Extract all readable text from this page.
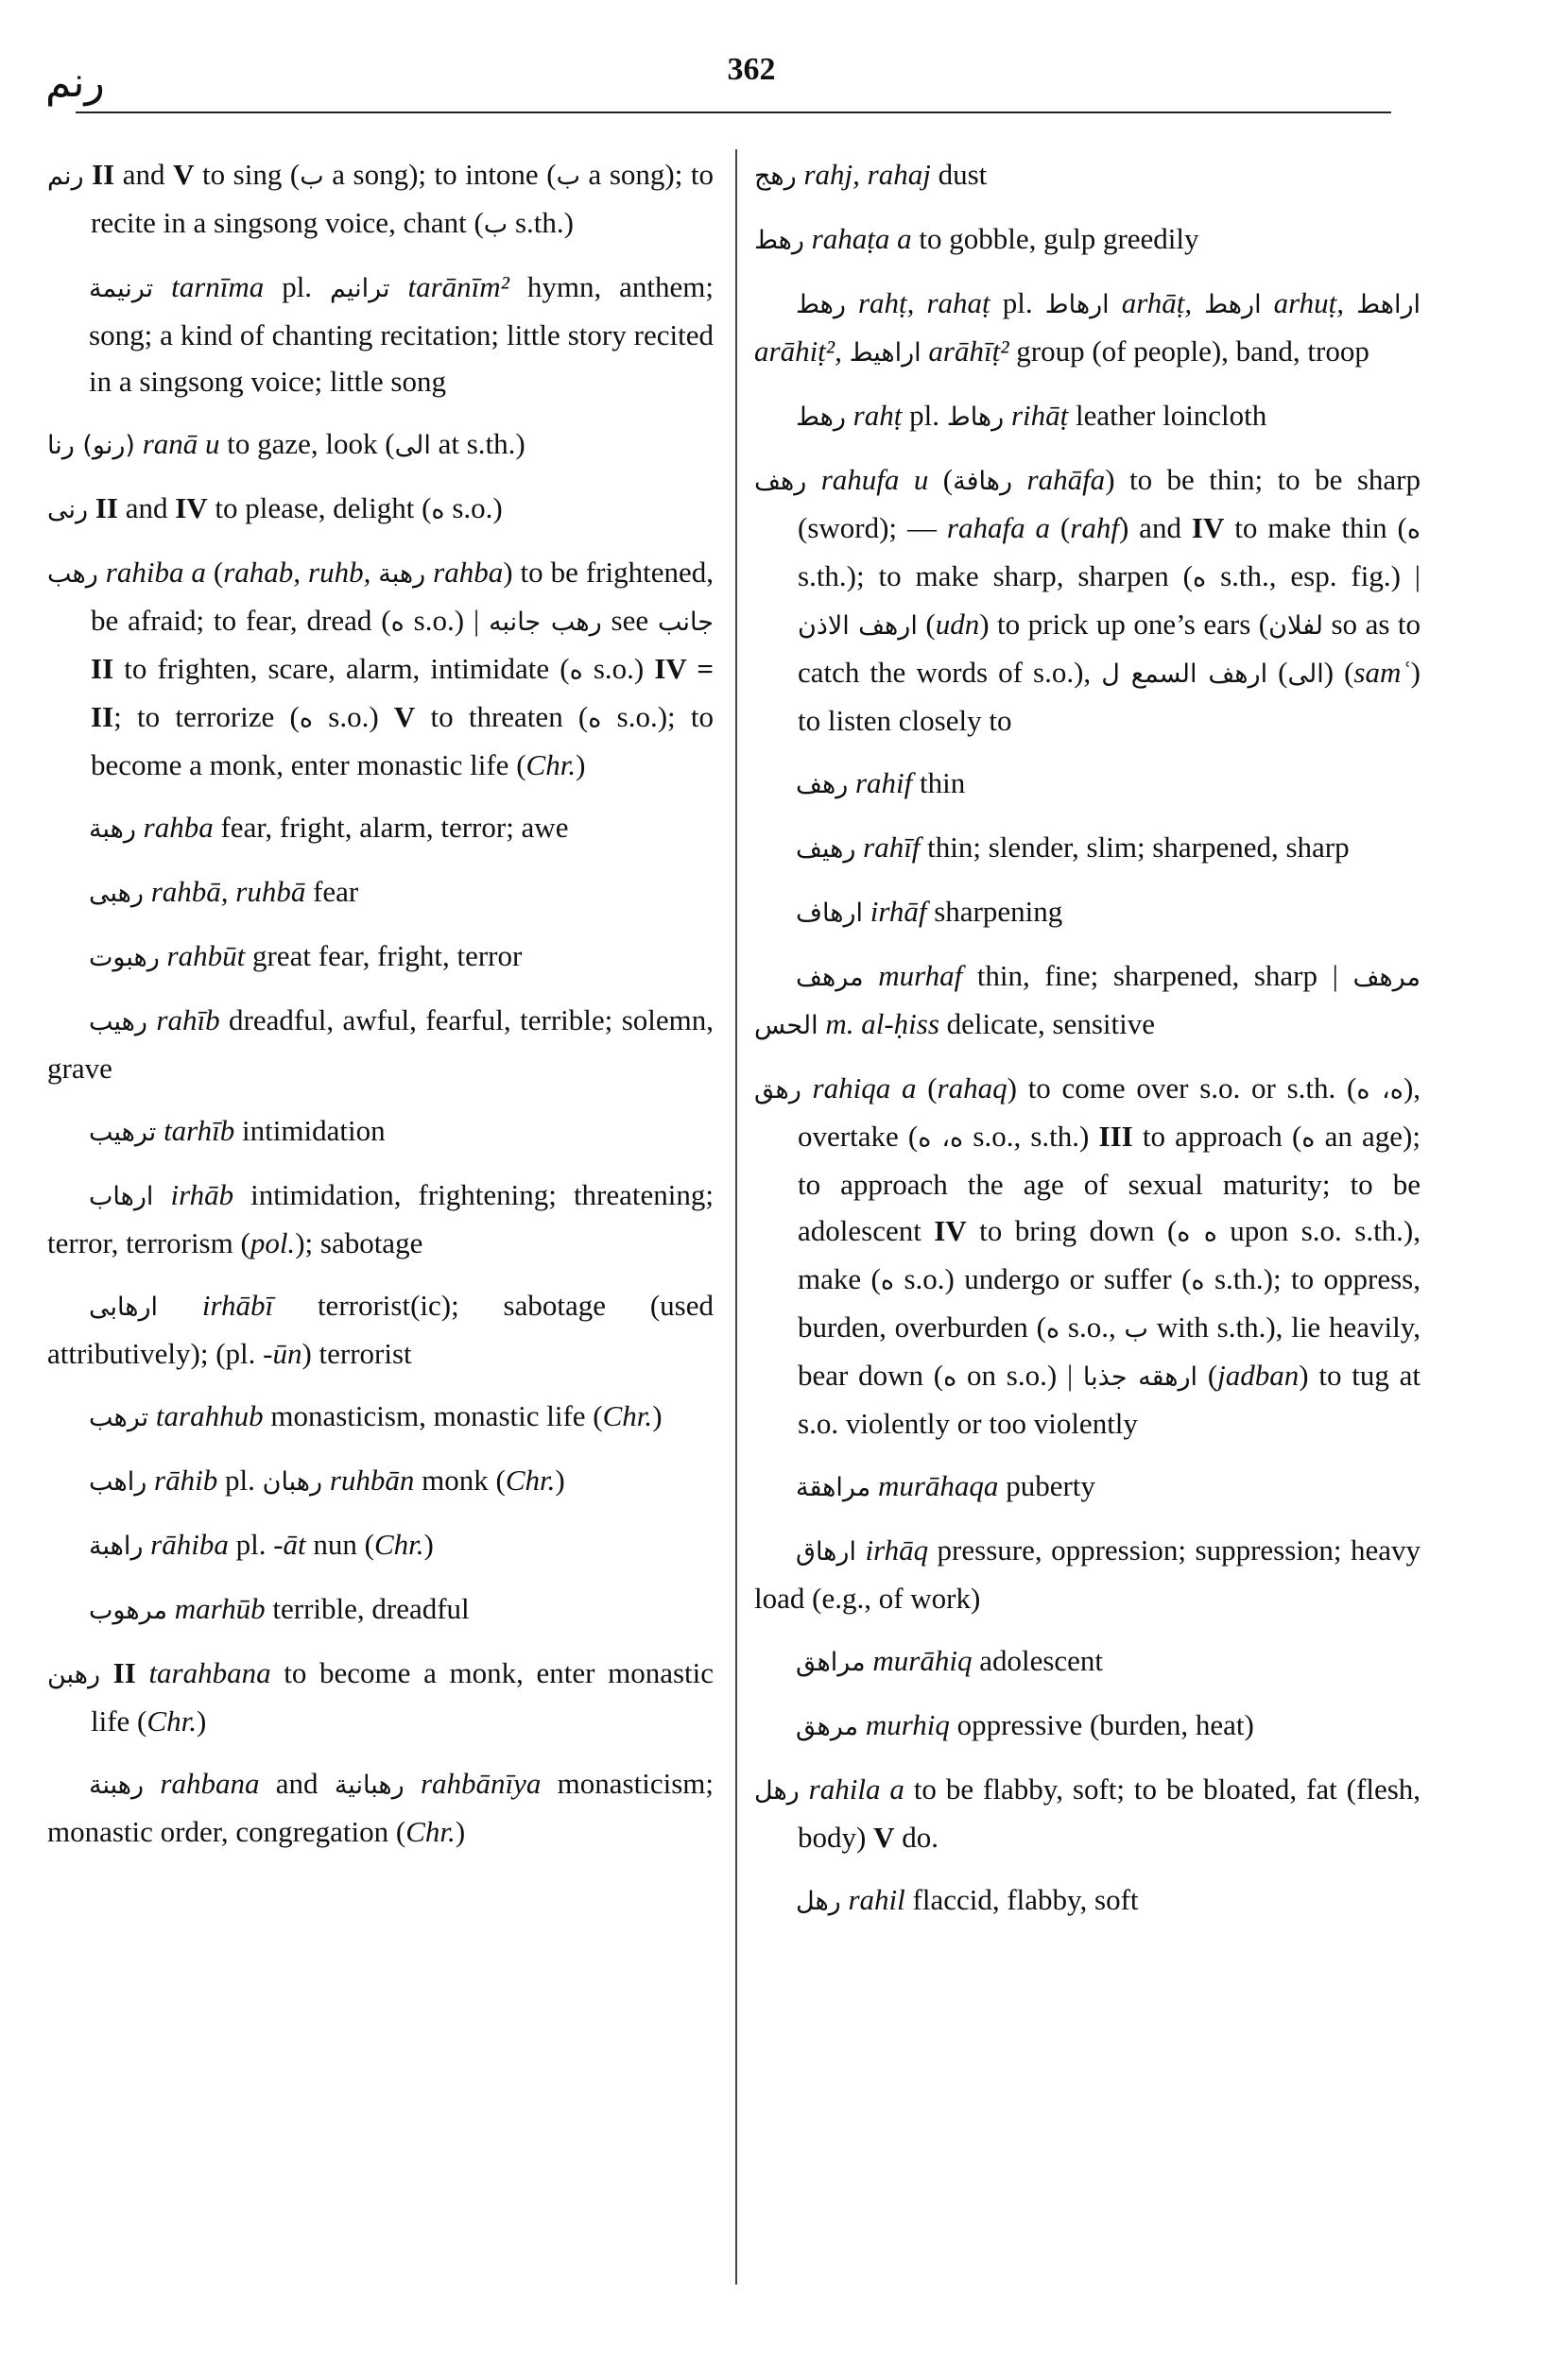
رنم	362

رنم II and V to sing (ب a song); to intone (ب a song); to recite in a singsong voice, chant (ب s.th.)

ترنيمة tarnīma pl. ترانيم tarānīm² hymn, anthem; song; a kind of chanting recitation; little story recited in a singsong voice; little song

(رنو) رنا ranā u to gaze, look (الى at s.th.)

رنى II and IV to please, delight (ه s.o.)

رهب rahiba a (rahab, ruhb, رهبة rahba) to be frightened, be afraid; to fear, dread (ه s.o.) | رهب جانبه see جانب II to frighten, scare, alarm, intimidate (ه s.o.) IV = II; to terrorize (ه s.o.) V to threaten (ه s.o.); to become a monk, enter monastic life (Chr.)

رهبة rahba fear, fright, alarm, terror; awe

رهبى rahbā, ruhbā fear

رهبوت rahbūt great fear, fright, terror

رهيب rahīb dreadful, awful, fearful, terrible; solemn, grave

ترهيب tarhīb intimidation

ارهاب irhāb intimidation, frightening; threatening; terror, terrorism (pol.); sabotage

ارهابى irhābī terrorist(ic); sabotage (used attributively); (pl. -ūn) terrorist

ترهب tarahhub monasticism, monastic life (Chr.)

راهب rāhib pl. رهبان ruhbān monk (Chr.)

راهبة rāhiba pl. -āt nun (Chr.)

مرهوب marhūb terrible, dreadful

رهبن II tarahbana to become a monk, enter monastic life (Chr.)

رهبنة rahbana and رهبانية rahbānīya monasticism; monastic order, congregation (Chr.)

رهج rahj, rahaj dust

رهط rahaṭa a to gobble, gulp greedily

رهط rahṭ, rahaṭ pl. ارهاط arhāṭ, ارهط arhuṭ, اراهط arāhiṭ², اراهيط arāhīṭ² group (of people), band, troop

رهط rahṭ pl. رهاط rihāṭ leather loincloth

رهف rahufa u (رهافة rahāfa) to be thin; to be sharp (sword); — rahafa a (rahf) and IV to make thin (ه s.th.); to make sharp, sharpen (ه s.th., esp. fig.) | ارهف الاذن (udn) to prick up one’s ears (لفلان so as to catch the words of s.o.), ارهف السمع ل (الى) (samʿ) to listen closely to

رهف rahif thin

رهيف rahīf thin; slender, slim; sharpened, sharp

ارهاف irhāf sharpening

مرهف murhaf thin, fine; sharpened, sharp | مرهف الحس m. al-ḥiss delicate, sensitive

رهق rahiqa a (rahaq) to come over s.o. or s.th. (ه، ه), overtake (ه، ه s.o., s.th.) III to approach (ه an age); to approach the age of sexual maturity; to be adolescent IV to bring down (ه ه upon s.o. s.th.), make (ه s.o.) undergo or suffer (ه s.th.); to oppress, burden, overburden (ه s.o., ب with s.th.), lie heavily, bear down (ه on s.o.) | ارهقه جذبا (jadban) to tug at s.o. violently or too violently

مراهقة murāhaqa puberty

ارهاق irhāq pressure, oppression; suppression; heavy load (e.g., of work)

مراهق murāhiq adolescent

مرهق murhiq oppressive (burden, heat)

رهل rahila a to be flabby, soft; to be bloated, fat (flesh, body) V do.

رهل rahil flaccid, flabby, soft
